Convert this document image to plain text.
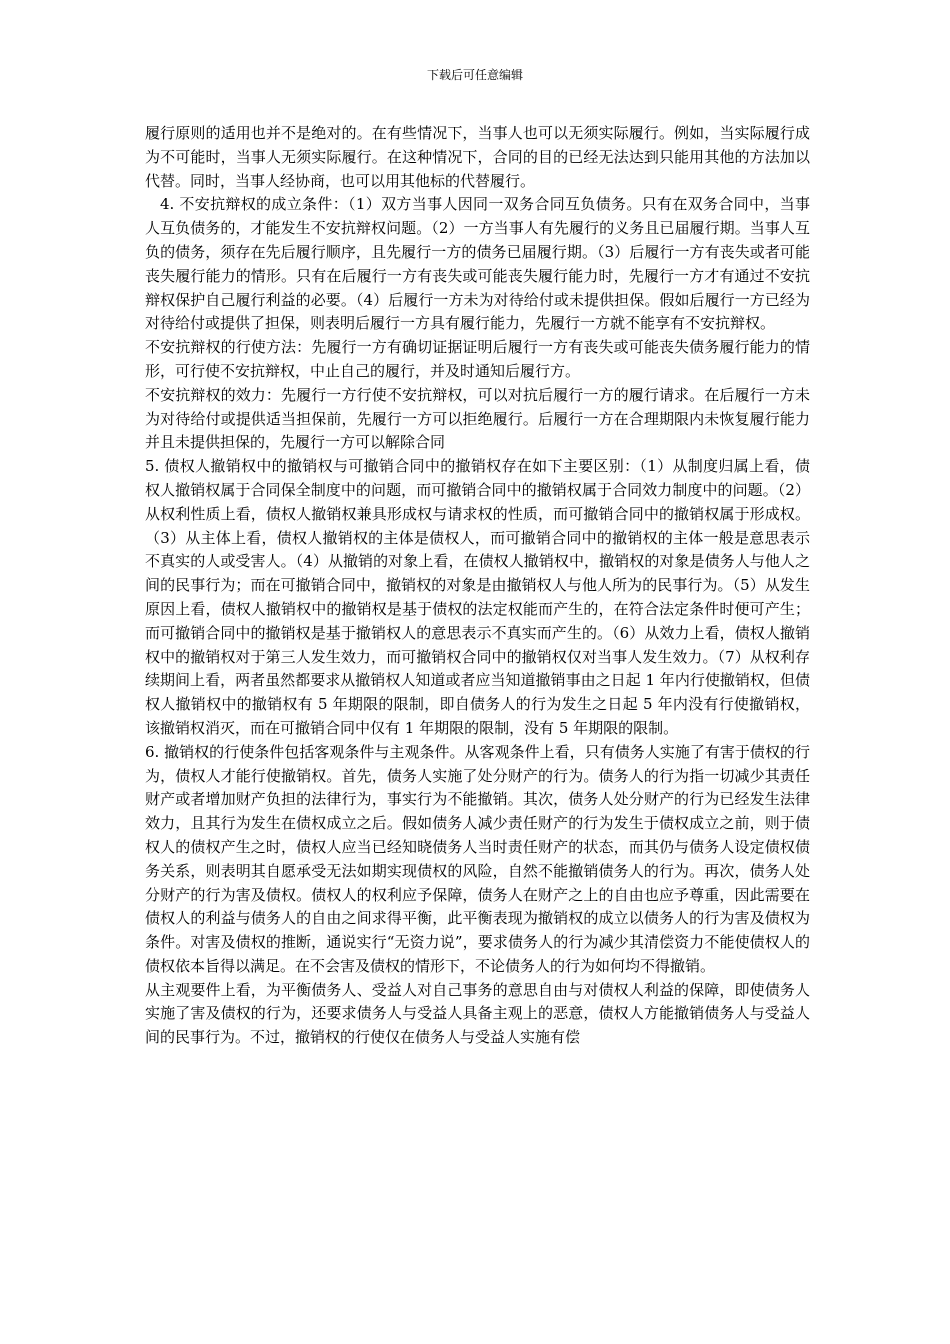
下载后可任意编辑

履行原则的适用也并不是绝对的。在有些情况下，当事人也可以无须实际履行。例如，当实际履行成为不可能时，当事人无须实际履行。在这种情况下，合同的目的已经无法达到只能用其他的方法加以代替。同时，当事人经协商，也可以用其他标的代替履行。

4. 不安抗辩权的成立条件：（1）双方当事人因同一双务合同互负债务。只有在双务合同中，当事人互负债务的，才能发生不安抗辩权问题。（2）一方当事人有先履行的义务且已届履行期。当事人互负的债务，须存在先后履行顺序，且先履行一方的债务已届履行期。（3）后履行一方有丧失或者可能丧失履行能力的情形。只有在后履行一方有丧失或可能丧失履行能力时，先履行一方才有通过不安抗辩权保护自己履行利益的必要。（4）后履行一方未为对待给付或未提供担保。假如后履行一方已经为对待给付或提供了担保，则表明后履行一方具有履行能力，先履行一方就不能享有不安抗辩权。

不安抗辩权的行使方法：先履行一方有确切证据证明后履行一方有丧失或可能丧失债务履行能力的情形，可行使不安抗辩权，中止自己的履行，并及时通知后履行方。

不安抗辩权的效力：先履行一方行使不安抗辩权，可以对抗后履行一方的履行请求。在后履行一方未为对待给付或提供适当担保前，先履行一方可以拒绝履行。后履行一方在合理期限内未恢复履行能力并且未提供担保的，先履行一方可以解除合同

5. 债权人撤销权中的撤销权与可撤销合同中的撤销权存在如下主要区别：（1）从制度归属上看，债权人撤销权属于合同保全制度中的问题，而可撤销合同中的撤销权属于合同效力制度中的问题。（2）从权利性质上看，债权人撤销权兼具形成权与请求权的性质，而可撤销合同中的撤销权属于形成权。（3）从主体上看，债权人撤销权的主体是债权人，而可撤销合同中的撤销权的主体一般是意思表示不真实的人或受害人。（4）从撤销的对象上看，在债权人撤销权中，撤销权的对象是债务人与他人之间的民事行为；而在可撤销合同中，撤销权的对象是由撤销权人与他人所为的民事行为。（5）从发生原因上看，债权人撤销权中的撤销权是基于债权的法定权能而产生的，在符合法定条件时便可产生；而可撤销合同中的撤销权是基于撤销权人的意思表示不真实而产生的。（6）从效力上看，债权人撤销权中的撤销权对于第三人发生效力，而可撤销权合同中的撤销权仅对当事人发生效力。（7）从权利存续期间上看，两者虽然都要求从撤销权人知道或者应当知道撤销事由之日起 1 年内行使撤销权，但债权人撤销权中的撤销权有 5 年期限的限制，即自债务人的行为发生之日起 5 年内没有行使撤销权，该撤销权消灭，而在可撤销合同中仅有 1 年期限的限制，没有 5 年期限的限制。

6. 撤销权的行使条件包括客观条件与主观条件。从客观条件上看，只有债务人实施了有害于债权的行为，债权人才能行使撤销权。首先，债务人实施了处分财产的行为。债务人的行为指一切减少其责任财产或者增加财产负担的法律行为，事实行为不能撤销。其次，债务人处分财产的行为已经发生法律效力，且其行为发生在债权成立之后。假如债务人减少责任财产的行为发生于债权成立之前，则于债权人的债权产生之时，债权人应当已经知晓债务人当时责任财产的状态，而其仍与债务人设定债权债务关系，则表明其自愿承受无法如期实现债权的风险，自然不能撤销债务人的行为。再次，债务人处分财产的行为害及债权。债权人的权利应予保障，债务人在财产之上的自由也应予尊重，因此需要在债权人的利益与债务人的自由之间求得平衡，此平衡表现为撤销权的成立以债务人的行为害及债权为条件。对害及债权的推断，通说实行“无资力说”，要求债务人的行为减少其清偿资力不能使债权人的债权依本旨得以满足。在不会害及债权的情形下，不论债务人的行为如何均不得撤销。

从主观要件上看，为平衡债务人、受益人对自己事务的意思自由与对债权人利益的保障，即使债务人实施了害及债权的行为，还要求债务人与受益人具备主观上的恶意，债权人方能撤销债务人与受益人间的民事行为。不过，撤销权的行使仅在债务人与受益人实施有偿
